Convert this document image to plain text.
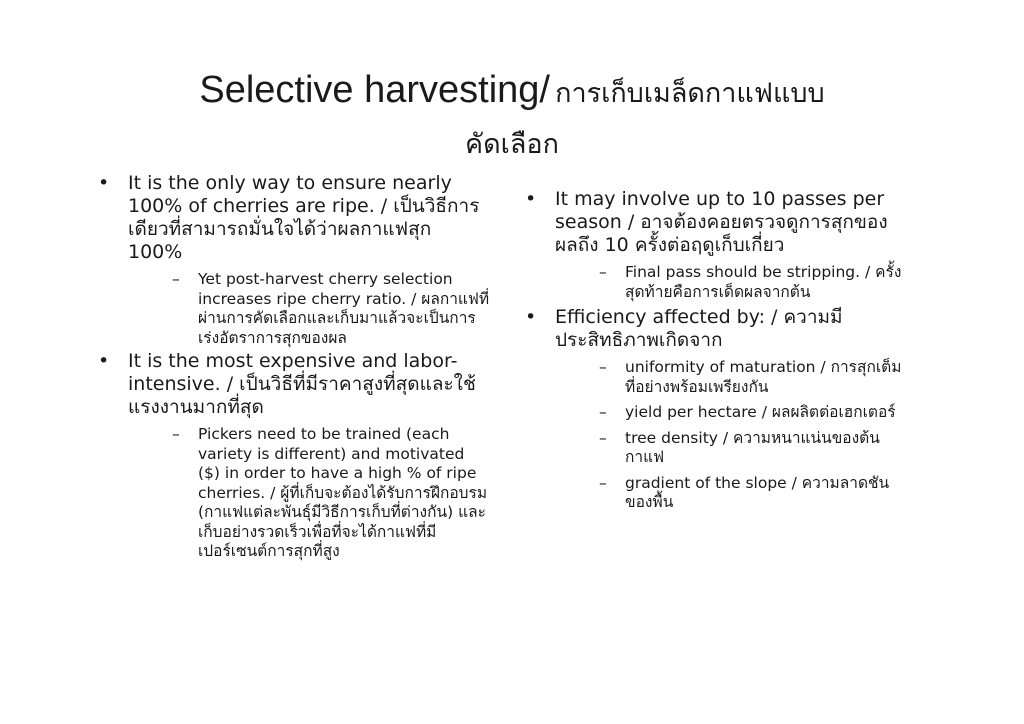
Selective harvesting/ การเก็บเมล็ดกาแฟแบบ
คัดเลือก
• It is the only way to ensure nearly 100% of cherries are ripe. / เป็นวิธีการเดียวที่สามารถมั่นใจได้ว่าผลกาแฟสุก 100%
– Yet post-harvest cherry selection increases ripe cherry ratio. / ผลกาแฟที่ผ่านการคัดเลือกและเก็บมาแล้วจะเป็นการเร่งอัตราการสุกของผล
• It is the most expensive and labor-intensive. / เป็นวิธีที่มีราคาสูงที่สุดและใช้แรงงานมากที่สุด
– Pickers need to be trained (each variety is different) and motivated ($) in order to have a high % of ripe cherries. / ผู้ที่เก็บจะต้องได้รับการฝึกอบรม (กาแฟแต่ละพันธุ์มีวิธีการเก็บที่ต่างกัน) และเก็บอย่างรวดเร็วเพื่อที่จะได้กาแฟที่มีเปอร์เซนต์การสุกที่สูง
• It may involve up to 10 passes per season / อาจต้องคอยตรวจดูการสุกของผลถึง 10 ครั้งต่อฤดูเก็บเกี่ยว
– Final pass should be stripping. / ครั้งสุดท้ายคือการเด็ดผลจากต้น
• Efficiency affected by: / ความมีประสิทธิภาพเกิดจาก
– uniformity of maturation / การสุกเต็มที่อย่างพร้อมเพรียงกัน
– yield per hectare / ผลผลิตต่อเฮกเตอร์
– tree density / ความหนาแน่นของต้นกาแฟ
– gradient of the slope / ความลาดชันของพื้น
